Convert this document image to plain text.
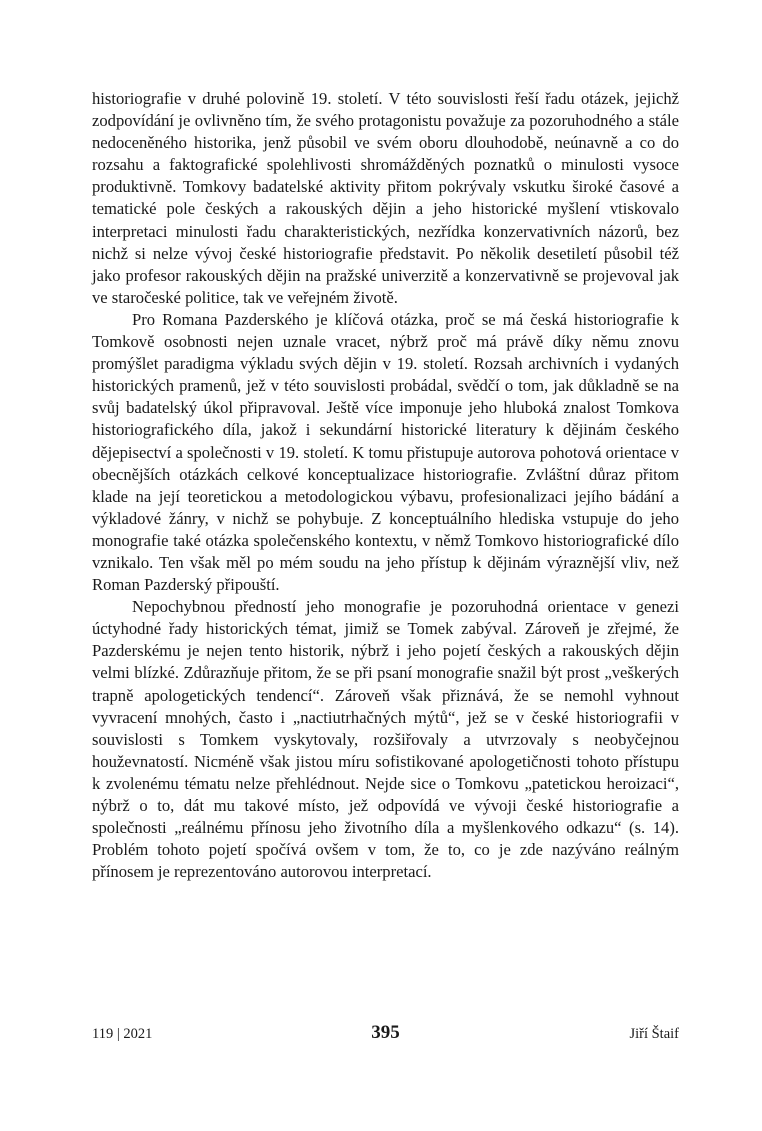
historiografie v druhé polovině 19. století. V této souvislosti řeší řadu otázek, jejichž zodpovídání je ovlivněno tím, že svého protagonistu považuje za pozoruhodného a stále nedoceněného historika, jenž působil ve svém oboru dlouhodobě, neúnavně a co do rozsahu a faktografické spolehlivosti shromážděných poznatků o minulosti vysoce produktivně. Tomkovy badatelské aktivity přitom pokrývaly vskutku široké časové a tematické pole českých a rakouských dějin a jeho historické myšlení vtiskovalo interpretaci minulosti řadu charakteristických, nezřídka konzervativních názorů, bez nichž si nelze vývoj české historiografie představit. Po několik desetiletí působil též jako profesor rakouských dějin na pražské univerzitě a konzervativně se projevoval jak ve staročeské politice, tak ve veřejném životě.

Pro Romana Pazderského je klíčová otázka, proč se má česká historiografie k Tomkově osobnosti nejen uznale vracet, nýbrž proč má právě díky němu znovu promýšlet paradigma výkladu svých dějin v 19. století. Rozsah archivních i vydaných historických pramenů, jež v této souvislosti probádal, svědčí o tom, jak důkladně se na svůj badatelský úkol připravoval. Ještě více imponuje jeho hluboká znalost Tomkova historiografického díla, jakož i sekundární historické literatury k dějinám českého dějepisectví a společnosti v 19. století. K tomu přistupuje autorova pohotová orientace v obecnějších otázkách celkové konceptualizace historiografie. Zvláštní důraz přitom klade na její teoretickou a metodologickou výbavu, profesionalizaci jejího bádání a výkladové žánry, v nichž se pohybuje. Z konceptuálního hlediska vstupuje do jeho monografie také otázka společenského kontextu, v němž Tomkovo historiografické dílo vznikalo. Ten však měl po mém soudu na jeho přístup k dějinám výraznější vliv, než Roman Pazderský připouští.

Nepochybnou předností jeho monografie je pozoruhodná orientace v genezi úctyhodné řady historických témat, jimiž se Tomek zabýval. Zároveň je zřejmé, že Pazderskému je nejen tento historik, nýbrž i jeho pojetí českých a rakouských dějin velmi blízké. Zdůrazňuje přitom, že se při psaní monografie snažil být prost „veškerých trapně apologetických tendencí“. Zároveň však přiznává, že se nemohl vyhnout vyvracení mnohých, často i „nactiutrhačných mýtů“, jež se v české historiografii v souvislosti s Tomkem vyskytovaly, rozšiřovaly a utvrzovaly s neobyčejnou houževnatostí. Nicméně však jistou míru sofistikované apologetičnosti tohoto přístupu k zvolenému tématu nelze přehlédnout. Nejde sice o Tomkovu „patetickou heroizaci“, nýbrž o to, dát mu takové místo, jež odpovídá ve vývoji české historiografie a společnosti „reálnému přínosu jeho životního díla a myšlenkového odkazu“ (s. 14). Problém tohoto pojetí spočívá ovšem v tom, že to, co je zde nazýváno reálným přínosem je reprezentováno autorovou interpretací.

119 | 2021	395	Jiří Štaif
